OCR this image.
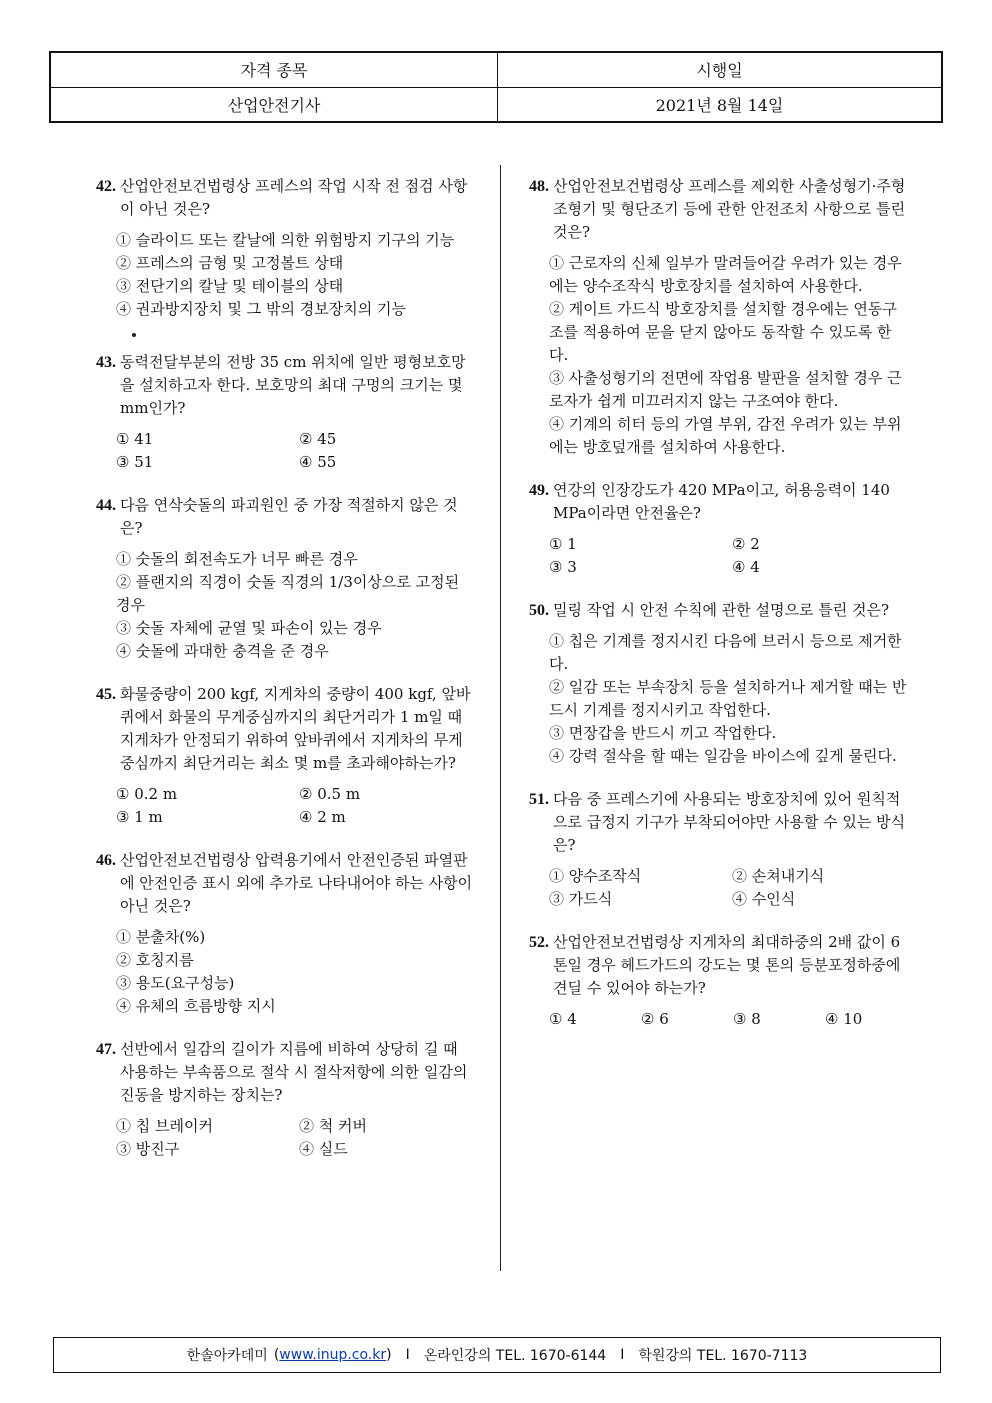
자격 종목	시행일
산업안전기사	2021년 8월 14일
42. 산업안전보건법령상 프레스의 작업 시작 전 점검 사항이 아닌 것은?
① 슬라이드 또는 칼날에 의한 위험방지 기구의 기능
② 프레스의 금형 및 고정볼트 상태
③ 전단기의 칼날 및 테이블의 상태
④ 권과방지장치 및 그 밖의 경보장치의 기능
43. 동력전달부분의 전방 35 cm 위치에 일반 평형보호망을 설치하고자 한다. 보호망의 최대 구멍의 크기는 몇 mm인가?
① 41	② 45
③ 51	④ 55
44. 다음 연삭숫돌의 파괴원인 중 가장 적절하지 않은 것은?
① 숫돌의 회전속도가 너무 빠른 경우
② 플랜지의 직경이 숫돌 직경의 1/3이상으로 고정된 경우
③ 숫돌 자체에 균열 및 파손이 있는 경우
④ 숫돌에 과대한 충격을 준 경우
45. 화물중량이 200 kgf, 지게차의 중량이 400 kgf, 앞바퀴에서 화물의 무게중심까지의 최단거리가 1 m일 때 지게차가 안정되기 위하여 앞바퀴에서 지게차의 무게중심까지 최단거리는 최소 몇 m를 초과해야하는가?
① 0.2 m	② 0.5 m
③ 1 m	④ 2 m
46. 산업안전보건법령상 압력용기에서 안전인증된 파열판에 안전인증 표시 외에 추가로 나타내어야 하는 사항이 아닌 것은?
① 분출차(%)
② 호칭지름
③ 용도(요구성능)
④ 유체의 흐름방향 지시
47. 선반에서 일감의 길이가 지름에 비하여 상당히 길 때 사용하는 부속품으로 절삭 시 절삭저항에 의한 일감의 진동을 방지하는 장치는?
① 칩 브레이커	② 척 커버
③ 방진구	④ 실드
48. 산업안전보건법령상 프레스를 제외한 사출성형기·주형조형기 및 형단조기 등에 관한 안전조치 사항으로 틀린 것은?
① 근로자의 신체 일부가 말려들어갈 우려가 있는 경우에는 양수조작식 방호장치를 설치하여 사용한다.
② 게이트 가드식 방호장치를 설치할 경우에는 연동구조를 적용하여 문을 닫지 않아도 동작할 수 있도록 한다.
③ 사출성형기의 전면에 작업용 발판을 설치할 경우 근로자가 쉽게 미끄러지지 않는 구조여야 한다.
④ 기계의 히터 등의 가열 부위, 감전 우려가 있는 부위에는 방호덮개를 설치하여 사용한다.
49. 연강의 인장강도가 420 MPa이고, 허용응력이 140 MPa이라면 안전율은?
① 1	② 2
③ 3	④ 4
50. 밀링 작업 시 안전 수칙에 관한 설명으로 틀린 것은?
① 칩은 기계를 정지시킨 다음에 브러시 등으로 제거한다.
② 일감 또는 부속장치 등을 설치하거나 제거할 때는 반드시 기계를 정지시키고 작업한다.
③ 면장갑을 반드시 끼고 작업한다.
④ 강력 절삭을 할 때는 일감을 바이스에 깊게 물린다.
51. 다음 중 프레스기에 사용되는 방호장치에 있어 원칙적으로 급정지 기구가 부착되어야만 사용할 수 있는 방식은?
① 양수조작식	② 손쳐내기식
③ 가드식	④ 수인식
52. 산업안전보건법령상 지게차의 최대하중의 2배 값이 6톤일 경우 헤드가드의 강도는 몇 톤의 등분포정하중에 견딜 수 있어야 하는가?
① 4	② 6	③ 8	④ 10
한솔아카데미 (www.inup.co.kr) I 온라인강의 TEL. 1670-6144 I 학원강의 TEL. 1670-7113
